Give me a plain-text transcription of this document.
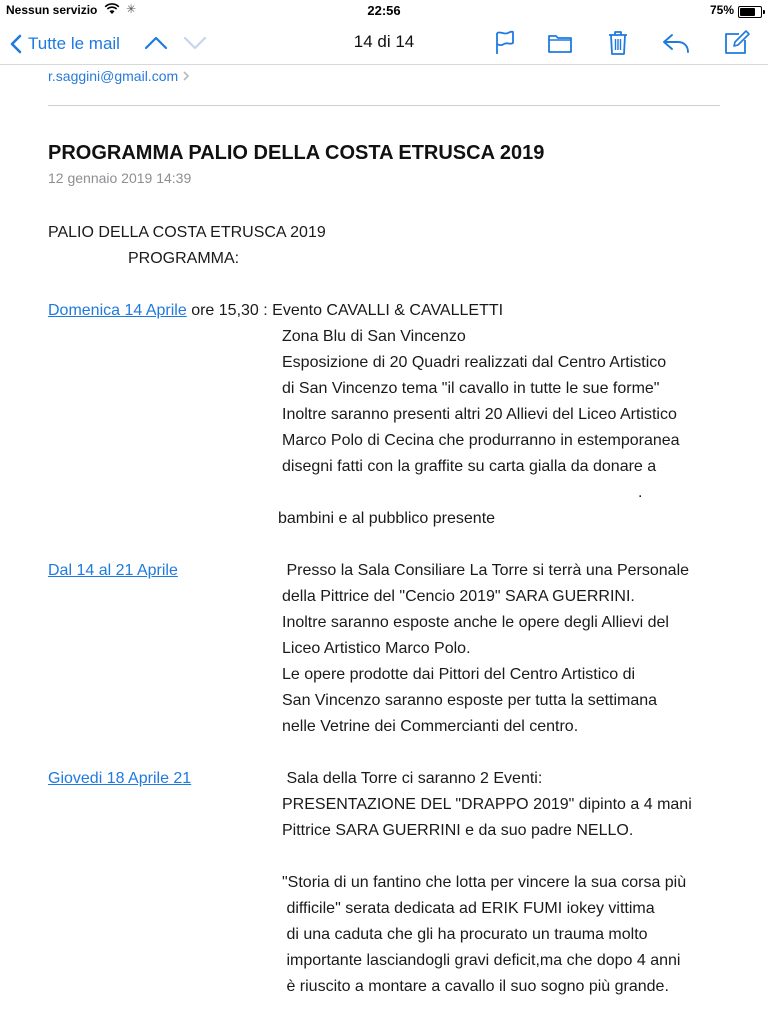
Nessun servizio ✳	22:56	75%
Tutte le mail	14 di 14
r.saggini@gmail.com
PROGRAMMA PALIO DELLA COSTA ETRUSCA 2019
12 gennaio 2019 14:39
PALIO DELLA COSTA ETRUSCA 2019
PROGRAMMA:
Domenica 14 Aprile ore 15,30 : Evento CAVALLI & CAVALLETTI
Zona Blu di San Vincenzo
Esposizione di 20 Quadri realizzati dal Centro Artistico
di San Vincenzo tema "il cavallo in tutte le sue forme"
Inoltre saranno presenti altri 20 Allievi del Liceo Artistico
Marco Polo di Cecina che produrranno in estemporanea
disegni fatti con la graffite su carta gialla da donare a
.
bambini e al pubblico presente
Dal 14 al 21 Aprile	Presso la Sala Consiliare La Torre si terrà una Personale
della Pittrice del "Cencio 2019" SARA GUERRINI.
Inoltre saranno esposte anche le opere degli Allievi del
Liceo Artistico Marco Polo.
Le opere prodotte dai Pittori del Centro Artistico di
San Vincenzo saranno esposte per tutta la settimana
nelle Vetrine dei Commercianti del centro.
Giovedi 18 Aprile 21	Sala della Torre ci saranno 2 Eventi:
PRESENTAZIONE DEL "DRAPPO 2019" dipinto a 4 mani
Pittrice SARA GUERRINI e da suo padre NELLO.
"Storia di un fantino che lotta per vincere la sua corsa più
difficile" serata dedicata ad ERIK FUMI iokey vittima
di una caduta che gli ha procurato un trauma molto
importante lasciandogli gravi deficit,ma che dopo 4 anni
è riuscito a montare a cavallo il suo sogno più grande.
